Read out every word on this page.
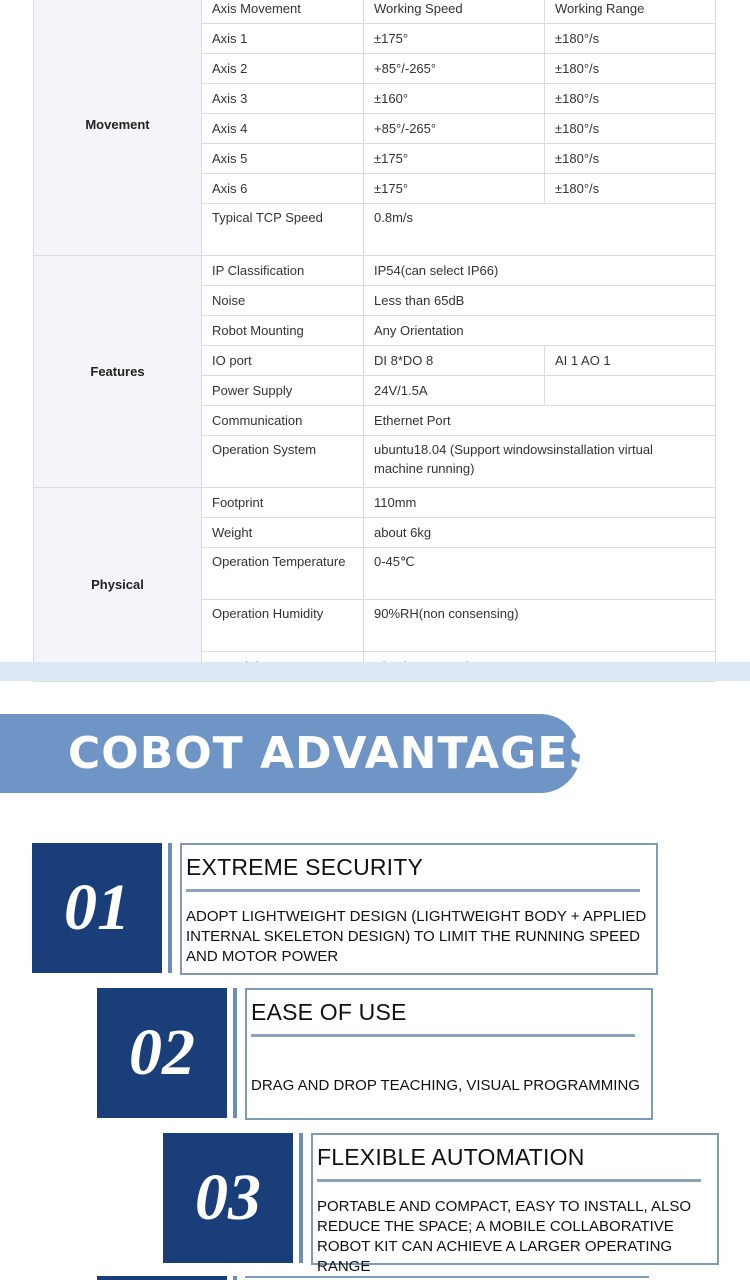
Movement	Axis Movement	Working Speed	Working Range
	Axis 1	±175°	±180°/s
	Axis 2	+85°/-265°	±180°/s
	Axis 3	±160°	±180°/s
	Axis 4	+85°/-265°	±180°/s
	Axis 5	±175°	±180°/s
	Axis 6	±175°	±180°/s
	Typical TCP Speed	0.8m/s	
Features	IP Classification	IP54(can select IP66)	
	Noise	Less than 65dB	
	Robot Mounting	Any Orientation	
	IO port	DI 8*DO 8	AI 1 AO 1
	Power Supply	24V/1.5A	
	Communication	Ethernet Port	
	Operation System	ubuntu18.04 (Support windowsinstallation virtual machine running)	
Physical	Footprint	110mm	
	Weight	about 6kg	
	Operation Temperature	0-45℃	
	Operation Humidity	90%RH(non consensing)	

COBOT ADVANTAGES
01
EXTREME SECURITY
ADOPT LIGHTWEIGHT DESIGN (LIGHTWEIGHT BODY + APPLIED INTERNAL SKELETON DESIGN) TO LIMIT THE RUNNING SPEED AND MOTOR POWER
02
EASE OF USE
DRAG AND DROP TEACHING, VISUAL PROGRAMMING
03
FLEXIBLE AUTOMATION
PORTABLE AND COMPACT, EASY TO INSTALL, ALSO REDUCE THE SPACE; A MOBILE COLLABORATIVE ROBOT KIT CAN ACHIEVE A LARGER OPERATING RANGE
